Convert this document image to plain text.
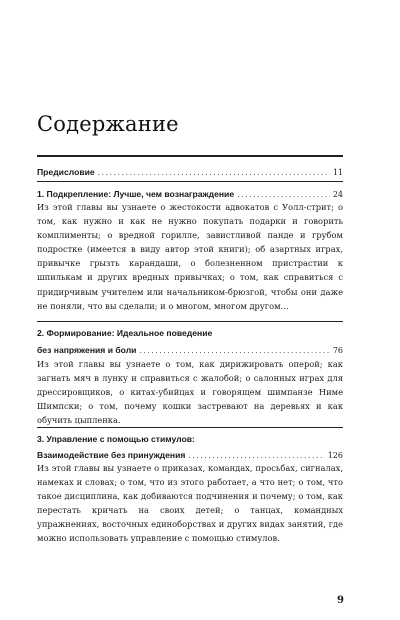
Содержание
Предисловие .....	11
1. Подкрепление: Лучше, чем вознаграждение .....	24

Из этой главы вы узнаете о жестокости адвокатов с Уолл-стрит; о том, как нужно и как не нужно покупать подарки и говорить комплименты; о вредной горилле, завистливой панде и грубом подростке (имеется в виду автор этой книги); об азартных играх, привычке грызть карандаши, о болезненном пристрастии к шпилькам и других вредных привычках; о том, как справиться с придирчивым учителем или начальником-брюзгой, чтобы они даже не поняли, что вы сделали; и о многом, многом другом…

2. Формирование: Идеальное поведение
без напряжения и боли .....	76

Из этой главы вы узнаете о том, как дирижировать оперой; как загнать мяч в лунку и справиться с жалобой; о салонных играх для дрессировщиков, о китах-убийцах и говорящем шимпанзе Ниме Шимпски; о том, почему кошки застревают на деревьях и как обучить цыпленка.

3. Управление с помощью стимулов:
Взаимодействие без принуждения .....	126

Из этой главы вы узнаете о приказах, командах, просьбах, сигналах, намеках и словах; о том, что из этого работает, а что нет; о том, что такое дисциплина, как добиваются подчинения и почему; о том, как перестать кричать на своих детей; о танцах, командных упражнениях, восточных единоборствах и других видах занятий, где можно использовать управление с помощью стимулов.

9
